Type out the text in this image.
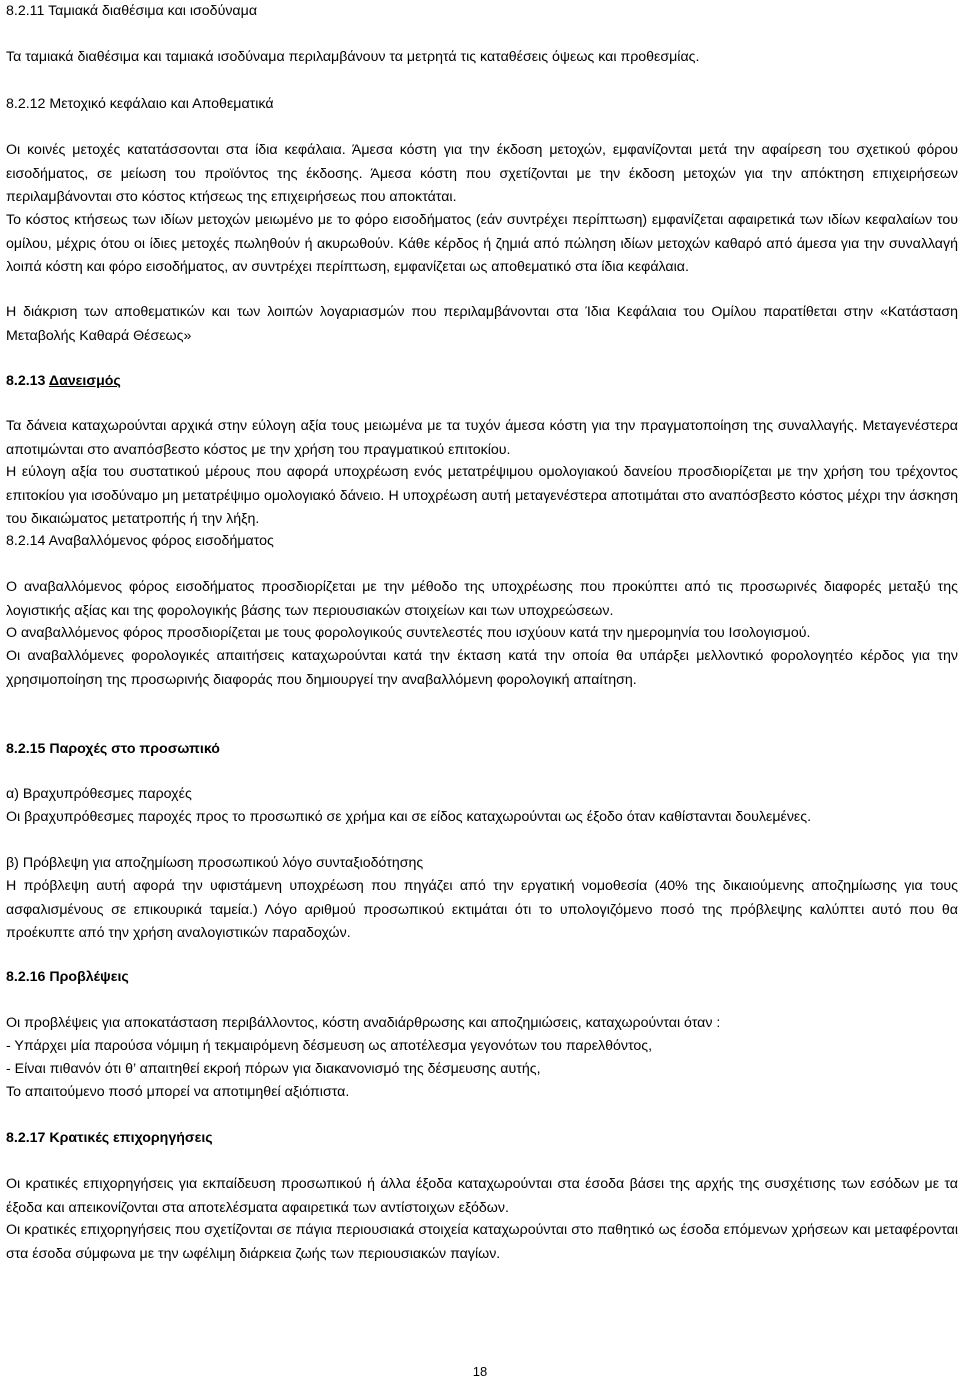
8.2.11 Ταμιακά διαθέσιμα και ισοδύναμα

Τα ταμιακά διαθέσιμα και ταμιακά ισοδύναμα περιλαμβάνουν τα μετρητά τις καταθέσεις όψεως και προθεσμίας.

8.2.12 Μετοχικό κεφάλαιο και Αποθεματικά

Οι κοινές μετοχές κατατάσσονται στα ίδια κεφάλαια. Άμεσα κόστη για την έκδοση μετοχών, εμφανίζονται μετά την αφαίρεση του σχετικού φόρου εισοδήματος, σε μείωση του προϊόντος της έκδοσης. Άμεσα κόστη που σχετίζονται με την έκδοση μετοχών για την απόκτηση επιχειρήσεων περιλαμβάνονται στο κόστος κτήσεως της επιχειρήσεως που αποκτάται.

Το κόστος κτήσεως των ιδίων μετοχών μειωμένο με το φόρο εισοδήματος (εάν συντρέχει περίπτωση) εμφανίζεται αφαιρετικά των ιδίων κεφαλαίων του ομίλου, μέχρις ότου οι ίδιες μετοχές πωληθούν ή ακυρωθούν. Κάθε κέρδος ή ζημιά από πώληση ιδίων μετοχών καθαρό από άμεσα για την συναλλαγή λοιπά κόστη και φόρο εισοδήματος, αν συντρέχει περίπτωση, εμφανίζεται ως αποθεματικό στα ίδια κεφάλαια.

Η διάκριση των αποθεματικών και των λοιπών λογαριασμών που περιλαμβάνονται στα Ίδια Κεφάλαια του Ομίλου παρατίθεται στην «Κατάσταση Μεταβολής Καθαρά Θέσεως»

8.2.13 Δανεισμός

Τα δάνεια καταχωρούνται αρχικά στην εύλογη αξία τους μειωμένα με τα τυχόν άμεσα κόστη για την πραγματοποίηση της συναλλαγής. Μεταγενέστερα αποτιμώνται στο αναπόσβεστο κόστος με την χρήση του πραγματικού επιτοκίου.

Η εύλογη αξία του συστατικού μέρους που αφορά υποχρέωση ενός μετατρέψιμου ομολογιακού δανείου προσδιορίζεται με την χρήση του τρέχοντος επιτοκίου για ισοδύναμο μη μετατρέψιμο ομολογιακό δάνειο. Η υποχρέωση αυτή μεταγενέστερα αποτιμάται στο αναπόσβεστο κόστος μέχρι την άσκηση του δικαιώματος μετατροπής ή την λήξη.

8.2.14 Αναβαλλόμενος φόρος εισοδήματος

Ο αναβαλλόμενος φόρος εισοδήματος προσδιορίζεται με την μέθοδο της υποχρέωσης που προκύπτει από τις προσωρινές διαφορές μεταξύ της λογιστικής αξίας και της φορολογικής βάσης των περιουσιακών στοιχείων και των υποχρεώσεων.

Ο αναβαλλόμενος φόρος προσδιορίζεται με τους φορολογικούς συντελεστές που ισχύουν κατά την ημερομηνία του Ισολογισμού.

Οι αναβαλλόμενες φορολογικές απαιτήσεις καταχωρούνται κατά την έκταση κατά την οποία θα υπάρξει μελλοντικό φορολογητέο κέρδος για την χρησιμοποίηση της προσωρινής διαφοράς που δημιουργεί την αναβαλλόμενη φορολογική απαίτηση.

8.2.15 Παροχές στο προσωπικό

α) Βραχυπρόθεσμες παροχές

Οι βραχυπρόθεσμες παροχές προς το προσωπικό σε χρήμα και σε είδος καταχωρούνται ως έξοδο όταν καθίστανται δουλεμένες.

β) Πρόβλεψη για αποζημίωση προσωπικού λόγο συνταξιοδότησης

Η πρόβλεψη αυτή αφορά την υφιστάμενη υποχρέωση που πηγάζει από την εργατική νομοθεσία (40% της δικαιούμενης αποζημίωσης για τους ασφαλισμένους σε επικουρικά ταμεία.) Λόγο αριθμού προσωπικού εκτιμάται ότι το υπολογιζόμενο ποσό της πρόβλεψης καλύπτει αυτό που θα προέκυπτε από την χρήση αναλογιστικών παραδοχών.

8.2.16 Προβλέψεις

Οι προβλέψεις για αποκατάσταση περιβάλλοντος, κόστη αναδιάρθρωσης και αποζημιώσεις, καταχωρούνται όταν :

- Υπάρχει μία παρούσα νόμιμη ή τεκμαιρόμενη δέσμευση ως αποτέλεσμα γεγονότων του παρελθόντος,

- Είναι πιθανόν ότι θ’ απαιτηθεί εκροή πόρων για διακανονισμό της δέσμευσης αυτής,

Το απαιτούμενο ποσό μπορεί να αποτιμηθεί αξιόπιστα.

8.2.17 Κρατικές επιχορηγήσεις

Οι κρατικές επιχορηγήσεις για εκπαίδευση προσωπικού ή άλλα έξοδα καταχωρούνται στα έσοδα βάσει της αρχής της συσχέτισης των εσόδων με τα έξοδα και απεικονίζονται στα αποτελέσματα αφαιρετικά των αντίστοιχων εξόδων.

Οι κρατικές επιχορηγήσεις που σχετίζονται σε πάγια περιουσιακά στοιχεία καταχωρούνται στο παθητικό ως έσοδα επόμενων χρήσεων και μεταφέρονται στα έσοδα σύμφωνα με την ωφέλιμη διάρκεια ζωής των περιουσιακών παγίων.

18
